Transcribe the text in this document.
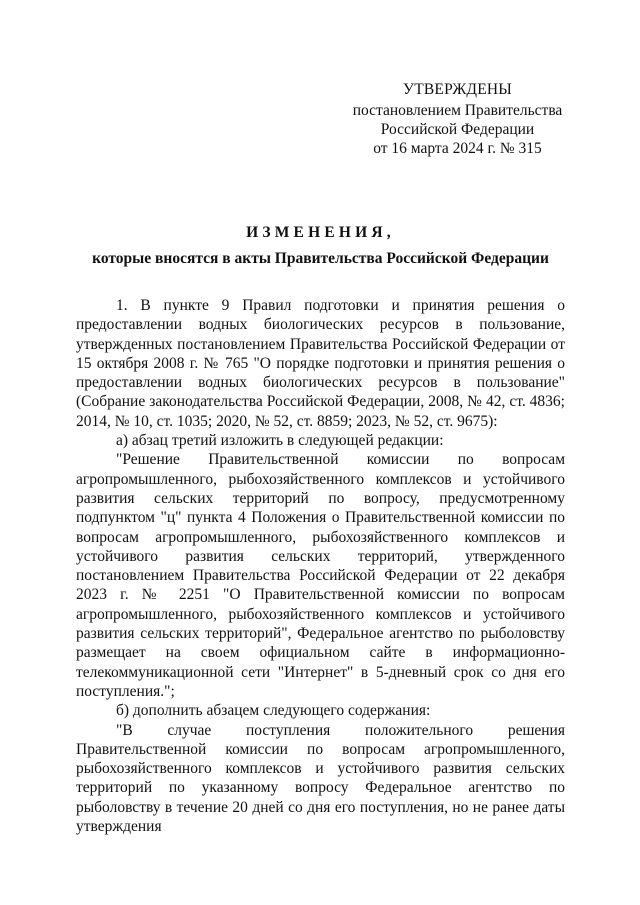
УТВЕРЖДЕНЫ
постановлением Правительства
Российской Федерации
от 16 марта 2024 г. № 315
ИЗМЕНЕНИЯ,
которые вносятся в акты Правительства Российской Федерации

1. В пункте 9 Правил подготовки и принятия решения о предоставлении водных биологических ресурсов в пользование, утвержденных постановлением Правительства Российской Федерации от 15 октября 2008 г. № 765 "О порядке подготовки и принятия решения о предоставлении водных биологических ресурсов в пользование" (Собрание законодательства Российской Федерации, 2008, № 42, ст. 4836; 2014, № 10, ст. 1035; 2020, № 52, ст. 8859; 2023, № 52, ст. 9675):

а) абзац третий изложить в следующей редакции:

"Решение Правительственной комиссии по вопросам агропромышленного, рыбохозяйственного комплексов и устойчивого развития сельских территорий по вопросу, предусмотренному подпунктом "ц" пункта 4 Положения о Правительственной комиссии по вопросам агропромышленного, рыбохозяйственного комплексов и устойчивого развития сельских территорий, утвержденного постановлением Правительства Российской Федерации от 22 декабря 2023 г. № 2251 "О Правительственной комиссии по вопросам агропромышленного, рыбохозяйственного комплексов и устойчивого развития сельских территорий", Федеральное агентство по рыболовству размещает на своем официальном сайте в информационно-телекоммуникационной сети "Интернет" в 5-дневный срок со дня его поступления.";

б) дополнить абзацем следующего содержания:

"В случае поступления положительного решения Правительственной комиссии по вопросам агропромышленного, рыбохозяйственного комплексов и устойчивого развития сельских территорий по указанному вопросу Федеральное агентство по рыболовству в течение 20 дней со дня его поступления, но не ранее даты утверждения
